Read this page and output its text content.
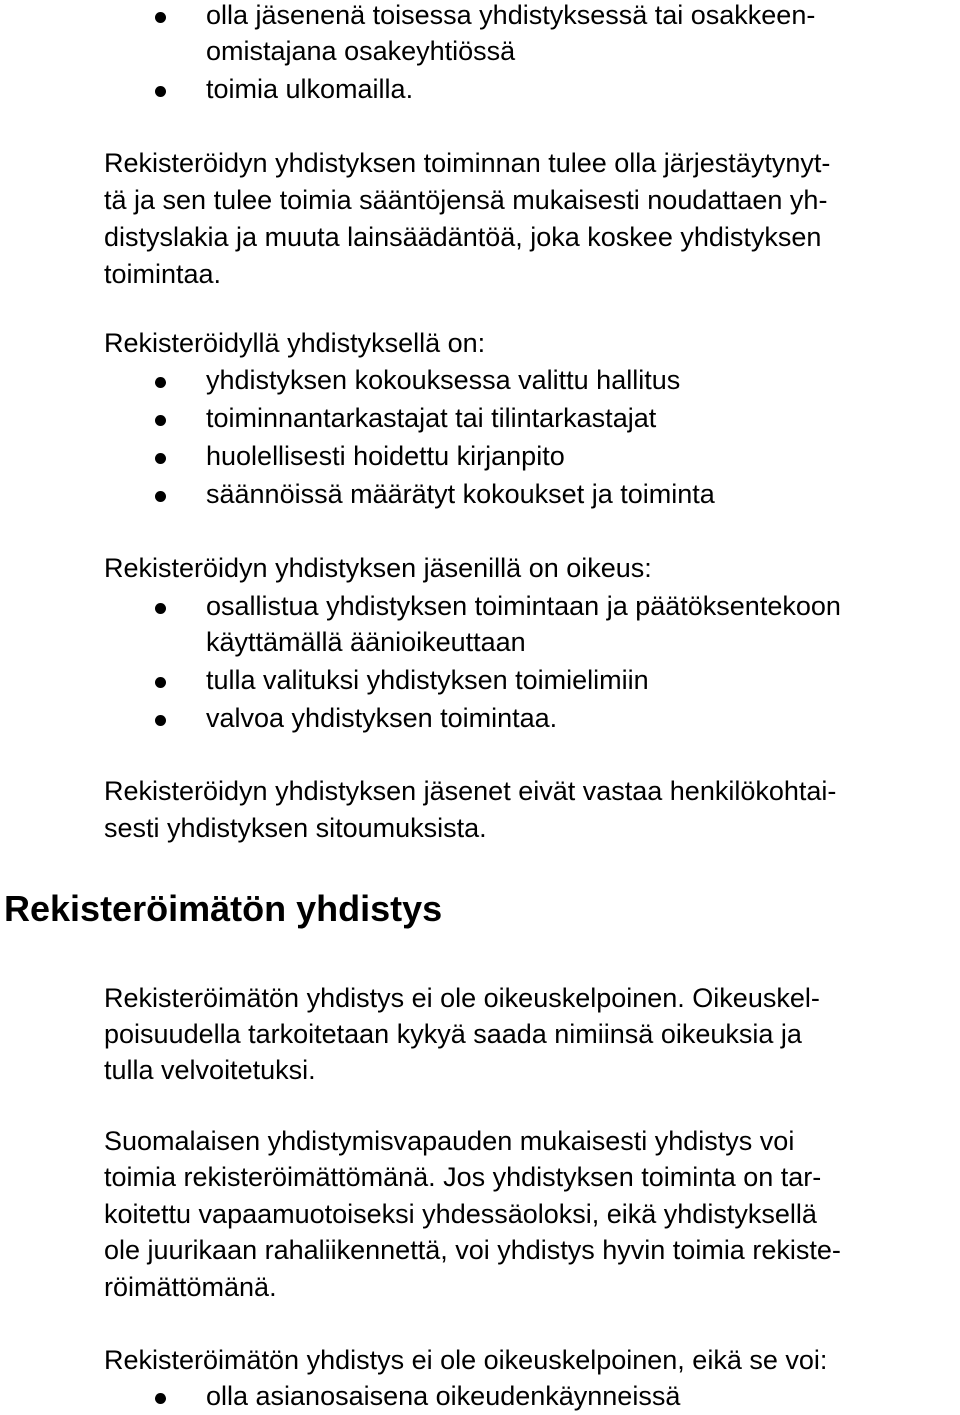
olla jäsenenä toisessa yhdistyksessä tai osakkeen-

omistajana osakeyhtiössä

toimia ulkomailla.

Rekisteröidyn yhdistyksen toiminnan tulee olla järjestäytynyt-

tä ja sen tulee toimia sääntöjensä mukaisesti noudattaen yh-

distyslakia ja muuta lainsäädäntöä, joka koskee yhdistyksen

toimintaa.

Rekisteröidyllä yhdistyksellä on:

yhdistyksen kokouksessa valittu hallitus

toiminnantarkastajat tai tilintarkastajat

huolellisesti hoidettu kirjanpito

säännöissä määrätyt kokoukset ja toiminta

Rekisteröidyn yhdistyksen jäsenillä on oikeus:

osallistua yhdistyksen toimintaan ja päätöksentekoon

käyttämällä äänioikeuttaan

tulla valituksi yhdistyksen toimielimiin

valvoa yhdistyksen toimintaa.

Rekisteröidyn yhdistyksen jäsenet eivät vastaa henkilökohtai-

sesti yhdistyksen sitoumuksista.

Rekisteröimätön yhdistys

Rekisteröimätön yhdistys ei ole oikeuskelpoinen. Oikeuskel-

poisuudella tarkoitetaan kykyä saada nimiinsä oikeuksia ja

tulla velvoitetuksi.

Suomalaisen yhdistymisvapauden mukaisesti yhdistys voi

toimia rekisteröimättömänä. Jos yhdistyksen toiminta on tar-

koitettu vapaamuotoiseksi yhdessäoloksi, eikä yhdistyksellä

ole juurikaan rahaliikennettä, voi yhdistys hyvin toimia rekiste-

röimättömänä.

Rekisteröimätön yhdistys ei ole oikeuskelpoinen, eikä se voi:

olla asianosaisena oikeudenkäynneissä
